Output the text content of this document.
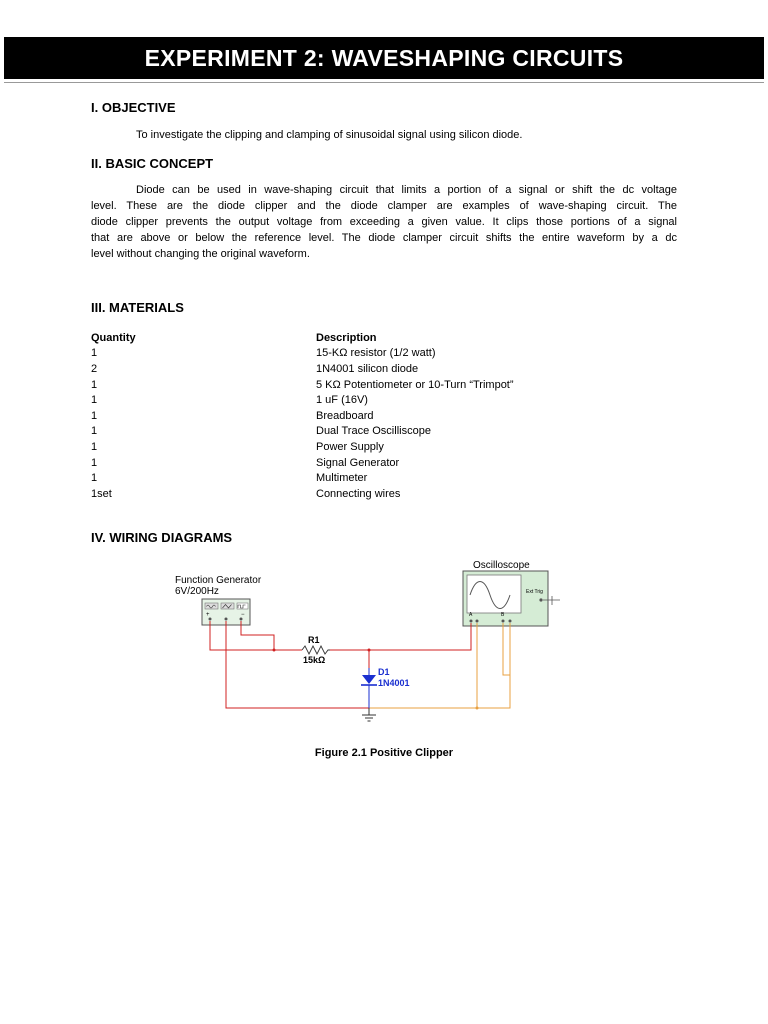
EXPERIMENT 2: WAVESHAPING CIRCUITS
I. OBJECTIVE
To investigate the clipping and clamping of sinusoidal signal using silicon diode.
II. BASIC CONCEPT
Diode can be used in wave-shaping circuit that limits a portion of a signal or shift the dc voltage
level. These are the diode clipper and the diode clamper are examples of wave-shaping circuit. The
diode clipper prevents the output voltage from exceeding a given value. It clips those portions of a signal
that are above or below the reference level. The diode clamper circuit shifts the entire waveform by a dc
level without changing the original waveform.
III. MATERIALS
Quantity	Description
1	15-KΩ resistor (1/2 watt)
2	1N4001 silicon diode
1	5 KΩ Potentiometer or 10-Turn “Trimpot”
1	1 uF (16V)
1	Breadboard
1	Dual Trace Oscilliscope
1	Power Supply
1	Signal Generator
1	Multimeter
1set	Connecting wires
IV. WIRING DIAGRAMS
Function Generator
6V/200Hz
Oscilloscope
+	−
Ext Trig
A	B
R1
15kΩ
D1
1N4001
Figure 2.1 Positive Clipper
